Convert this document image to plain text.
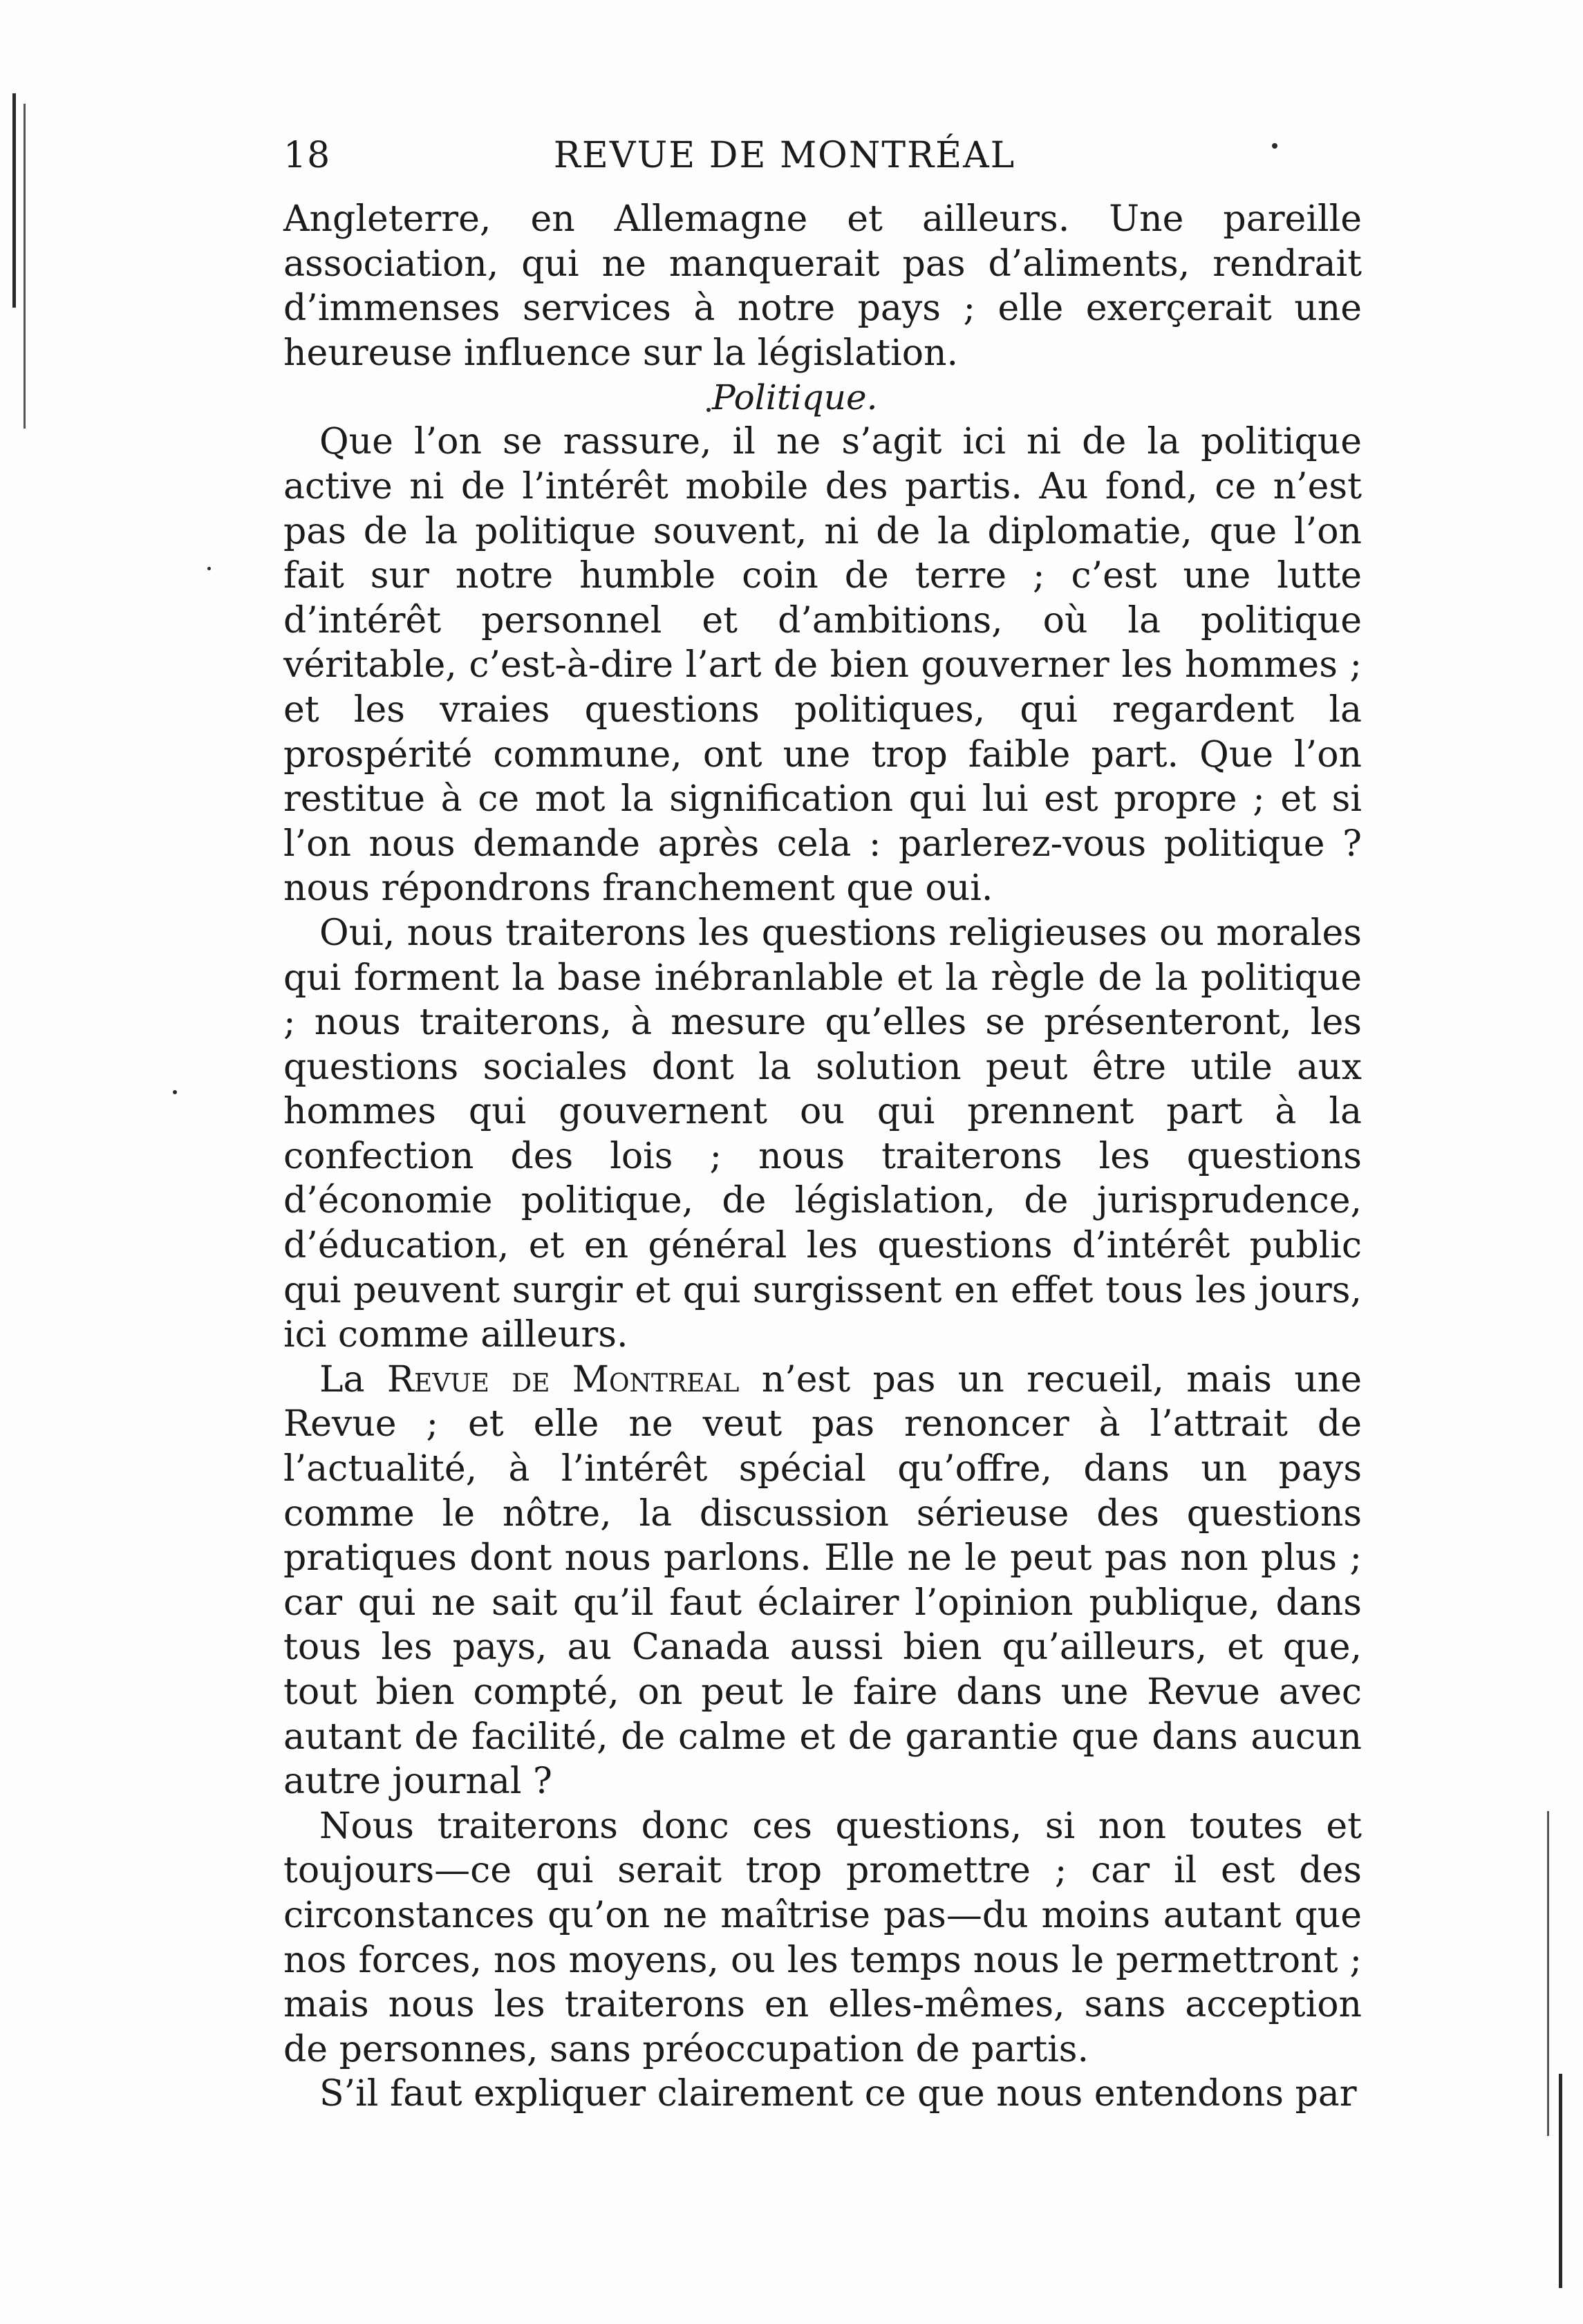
18	REVUE DE MONTRÉAL

Angleterre, en Allemagne et ailleurs. Une pareille association, qui ne manquerait pas d’aliments, rendrait d’immenses services à notre pays ; elle exerçerait une heureuse influence sur la législation.

Politique.

Que l’on se rassure, il ne s’agit ici ni de la politique active ni de l’intérêt mobile des partis. Au fond, ce n’est pas de la politique souvent, ni de la diplomatie, que l’on fait sur notre humble coin de terre ; c’est une lutte d’intérêt personnel et d’ambitions, où la politique véritable, c’est-à-dire l’art de bien gouverner les hommes ; et les vraies questions politiques, qui regardent la prospérité commune, ont une trop faible part. Que l’on restitue à ce mot la signification qui lui est propre ; et si l’on nous demande après cela : parlerez-vous politique ? nous répondrons franchement que oui.

Oui, nous traiterons les questions religieuses ou morales qui forment la base inébranlable et la règle de la politique ; nous traiterons, à mesure qu’elles se présenteront, les questions sociales dont la solution peut être utile aux hommes qui gouvernent ou qui prennent part à la confection des lois ; nous traiterons les questions d’économie politique, de législation, de jurisprudence, d’éducation, et en général les questions d’intérêt public qui peuvent surgir et qui surgissent en effet tous les jours, ici comme ailleurs.

La Revue de Montreal n’est pas un recueil, mais une Revue ; et elle ne veut pas renoncer à l’attrait de l’actualité, à l’intérêt spécial qu’offre, dans un pays comme le nôtre, la discussion sérieuse des questions pratiques dont nous parlons. Elle ne le peut pas non plus ; car qui ne sait qu’il faut éclairer l’opinion publique, dans tous les pays, au Canada aussi bien qu’ailleurs, et que, tout bien compté, on peut le faire dans une Revue avec autant de facilité, de calme et de garantie que dans aucun autre journal ?

Nous traiterons donc ces questions, si non toutes et toujours—ce qui serait trop promettre ; car il est des circonstances qu’on ne maîtrise pas—du moins autant que nos forces, nos moyens, ou les temps nous le permettront ; mais nous les traiterons en elles-mêmes, sans acception de personnes, sans préoccupation de partis.

S’il faut expliquer clairement ce que nous entendons par
